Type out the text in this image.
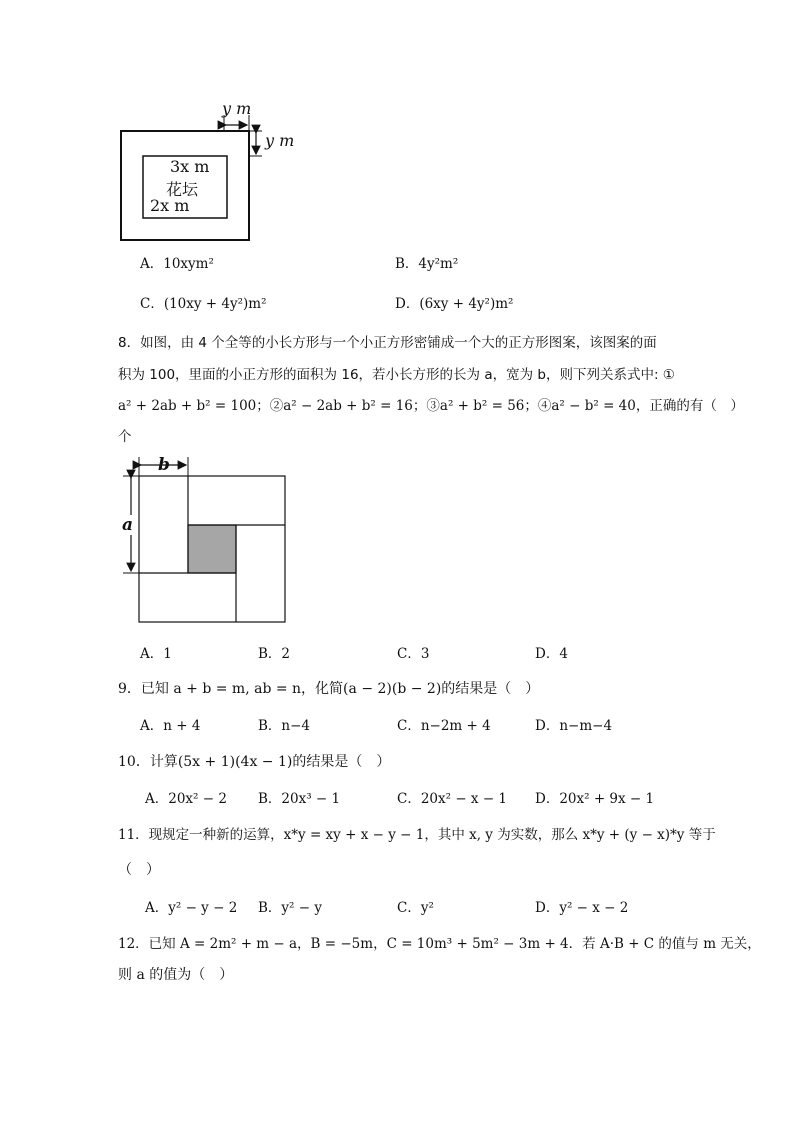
y m
y m
3x m
花坛
2x m
A．10xym²	B．4y²m²
C．(10xy + 4y²)m²	D．(6xy + 4y²)m²
8．如图，由 4 个全等的小长方形与一个小正方形密铺成一个大的正方形图案，该图案的面
积为 100，里面的小正方形的面积为 16，若小长方形的长为 a，宽为 b，则下列关系式中: ①
a² + 2ab + b² = 100；②a² − 2ab + b² = 16；③a² + b² = 56；④a² − b² = 40，正确的有（　）
个
b
a
A．1	B．2	C．3	D．4
9．已知 a + b = m, ab = n，化简(a − 2)(b − 2)的结果是（　）
A．n + 4	B．n−4	C．n−2m + 4	D．n−m−4
10．计算(5x + 1)(4x − 1)的结果是（　）
A．20x² − 2 B．20x³ − 1	C．20x² − x − 1 D．20x² + 9x − 1
11．现规定一种新的运算，x*y = xy + x − y − 1，其中 x, y 为实数，那么 x*y + (y − x)*y 等于
（　）
A．y² − y − 2 B．y² − y	C．y²	D．y² − x − 2
12．已知 A = 2m² + m − a，B = −5m，C = 10m³ + 5m² − 3m + 4．若 A·B + C 的值与 m 无关，
则 a 的值为（　）
